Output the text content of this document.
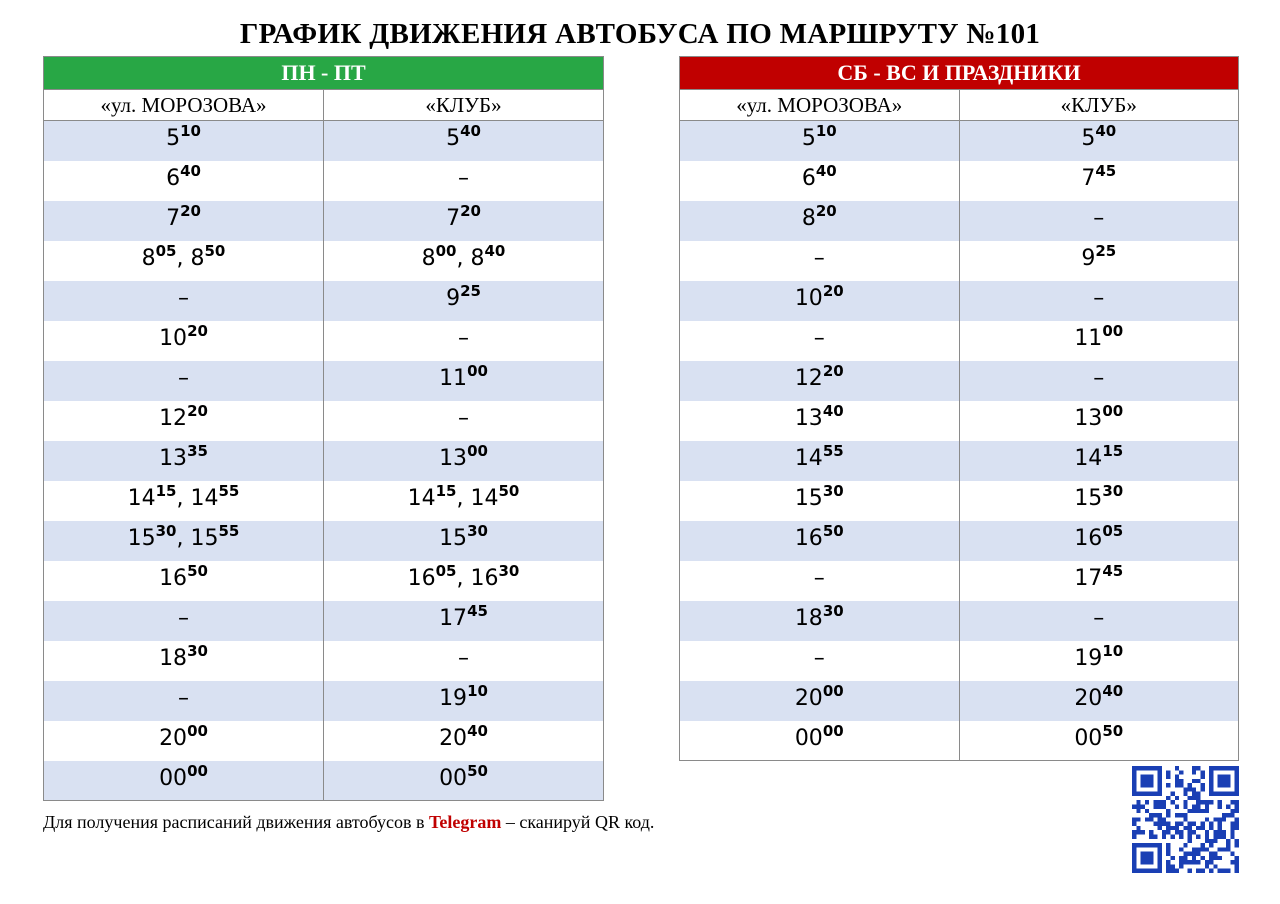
ГРАФИК ДВИЖЕНИЯ АВТОБУСА ПО МАРШРУТУ №101
ПН - ПТ	
«ул. МОРОЗОВА»	«КЛУБ»
$5^{10}$	$5^{40}$
$6^{40}$	–
$7^{20}$	$7^{20}$
$8^{05}$, $8^{50}$	$8^{00}$, $8^{40}$
–	$9^{25}$
$10^{20}$	–
–	$11^{00}$
$12^{20}$	–
$13^{35}$	$13^{00}$
$14^{15}$, $14^{55}$	$14^{15}$, $14^{50}$
$15^{30}$, $15^{55}$	$15^{30}$
$16^{50}$	$16^{05}$, $16^{30}$
–	$17^{45}$
$18^{30}$	–
–	$19^{10}$
$20^{00}$	$20^{40}$
$00^{00}$	$00^{50}$
СБ - ВС И ПРАЗДНИКИ	
«ул. МОРОЗОВА»	«КЛУБ»
$5^{10}$	$5^{40}$
$6^{40}$	$7^{45}$
$8^{20}$	–
–	$9^{25}$
$10^{20}$	–
–	$11^{00}$
$12^{20}$	–
$13^{40}$	$13^{00}$
$14^{55}$	$14^{15}$
$15^{30}$	$15^{30}$
$16^{50}$	$16^{05}$
–	$17^{45}$
$18^{30}$	–
–	$19^{10}$
$20^{00}$	$20^{40}$
$00^{00}$	$00^{50}$
Для получения расписаний движения автобусов в Telegram – сканируй QR код.
